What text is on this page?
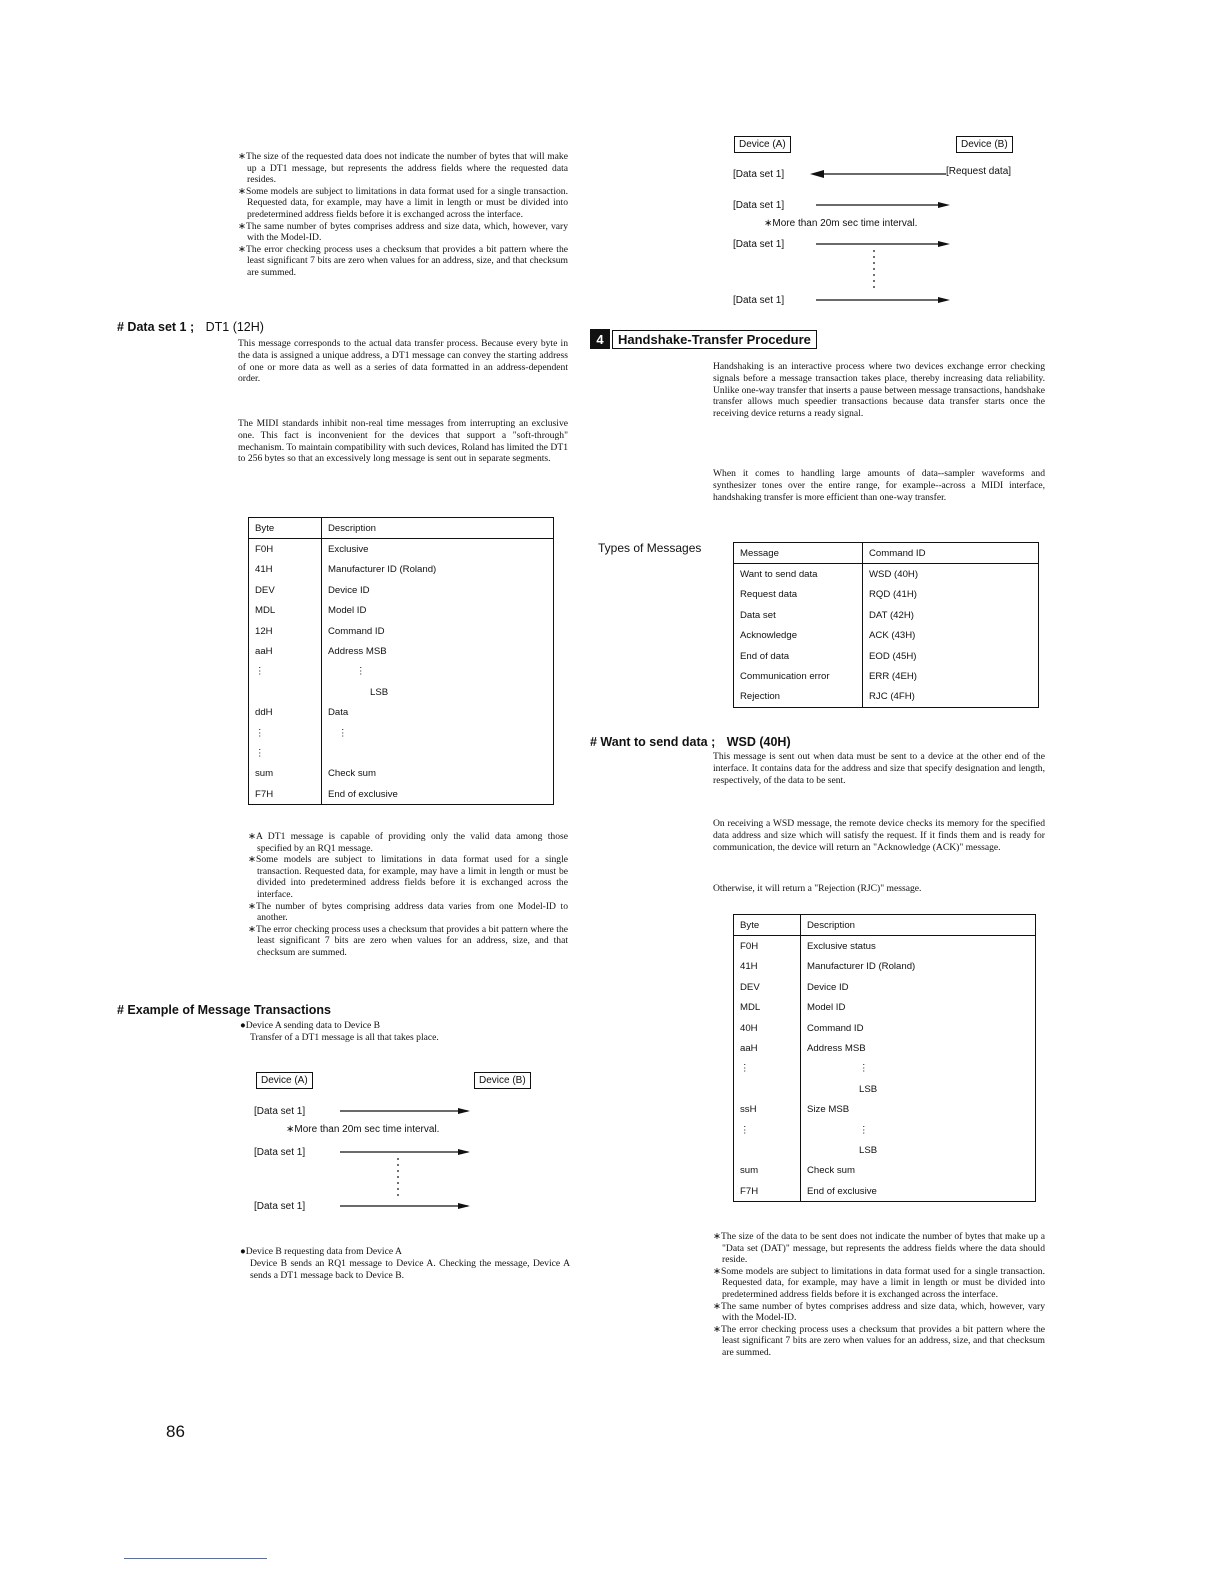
∗The size of the requested data does not indicate the number of bytes that will make up a DT1 message, but represents the address fields where the requested data resides.

∗Some models are subject to limitations in data format used for a single transaction. Requested data, for example, may have a limit in length or must be divided into predetermined address fields before it is exchanged across the interface.

∗The same number of bytes comprises address and size data, which, however, vary with the Model-ID.

∗The error checking process uses a checksum that provides a bit pattern where the least significant 7 bits are zero when values for an address, size, and that checksum are summed.

# Data set 1 ; DT1 (12H)
This message corresponds to the actual data transfer process. Because every byte in the data is assigned a unique address, a DT1 message can convey the starting address of one or more data as well as a series of data formatted in an address-dependent order.
The MIDI standards inhibit non-real time messages from interrupting an exclusive one. This fact is inconvenient for the devices that support a "soft-through" mechanism. To maintain compatibility with such devices, Roland has limited the DT1 to 256 bytes so that an excessively long message is sent out in separate segments.
Byte	Description
F0H	Exclusive
41H	Manufacturer ID (Roland)
DEV	Device ID
MDL	Model ID
12H	Command ID
aaH	Address MSB
⋮	⋮
	LSB
ddH	Data
⋮	⋮
⋮	
sum	Check sum
F7H	End of exclusive

∗A DT1 message is capable of providing only the valid data among those specified by an RQ1 message.

∗Some models are subject to limitations in data format used for a single transaction. Requested data, for example, may have a limit in length or must be divided into predetermined address fields before it is exchanged across the interface.

∗The number of bytes comprising address data varies from one Model-ID to another.

∗The error checking process uses a checksum that provides a bit pattern where the least significant 7 bits are zero when values for an address, size, and that checksum are summed.

# Example of Message Transactions
●Device A sending data to Device B
Transfer of a DT1 message is all that takes place.
Device (A)	Device (B)
[Data set 1]
∗More than 20m sec time interval.
[Data set 1]
[Data set 1]
●Device B requesting data from Device A
Device B sends an RQ1 message to Device A. Checking the message, Device A sends a DT1 message back to Device B.
86
Device (A)	Device (B)
[Data set 1]	[Request data]
[Data set 1]
∗More than 20m sec time interval.
[Data set 1]
[Data set 1]
4	Handshake-Transfer Procedure
Handshaking is an interactive process where two devices exchange error checking signals before a message transaction takes place, thereby increasing data reliability. Unlike one-way transfer that inserts a pause between message transactions, handshake transfer allows much speedier transactions because data transfer starts once the receiving device returns a ready signal.
When it comes to handling large amounts of data--sampler waveforms and synthesizer tones over the entire range, for example--across a MIDI interface, handshaking transfer is more efficient than one-way transfer.
Types of Messages	Message	Command ID
Want to send data	WSD (40H)
Request data	RQD (41H)
Data set	DAT (42H)
Acknowledge	ACK (43H)
End of data	EOD (45H)
Communication error	ERR (4EH)
Rejection	RJC (4FH)
# Want to send data ; WSD (40H)
This message is sent out when data must be sent to a device at the other end of the interface. It contains data for the address and size that specify designation and length, respectively, of the data to be sent.
On receiving a WSD message, the remote device checks its memory for the specified data address and size which will satisfy the request. If it finds them and is ready for communication, the device will return an "Acknowledge (ACK)" message.
Otherwise, it will return a "Rejection (RJC)" message.
Byte	Description
F0H	Exclusive status
41H	Manufacturer ID (Roland)
DEV	Device ID
MDL	Model ID
40H	Command ID
aaH	Address MSB
⋮	⋮
	LSB
ssH	Size MSB
⋮	⋮
	LSB
sum	Check sum
F7H	End of exclusive

∗The size of the data to be sent does not indicate the number of bytes that make up a "Data set (DAT)" message, but represents the address fields where the data should reside.

∗Some models are subject to limitations in data format used for a single transaction. Requested data, for example, may have a limit in length or must be divided into predetermined address fields before it is exchanged across the interface.

∗The same number of bytes comprises address and size data, which, however, vary with the Model-ID.

∗The error checking process uses a checksum that provides a bit pattern where the least significant 7 bits are zero when values for an address, size, and that checksum are summed.
